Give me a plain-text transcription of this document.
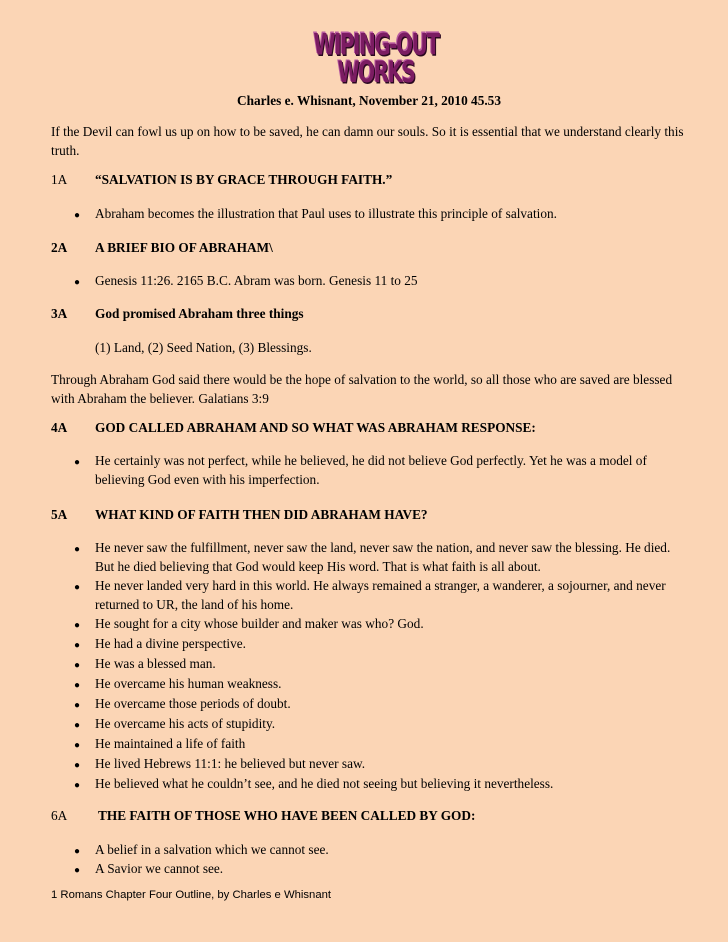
WIPING-OUT WORKS
Charles e. Whisnant, November 21, 2010 45.53
If the Devil can fowl us up on how to be saved, he can damn our souls. So it is essential that we understand clearly this truth.
1A	“SALVATION IS BY GRACE THROUGH FAITH.”
●	Abraham becomes the illustration that Paul uses to illustrate this principle of salvation.
2A	A BRIEF BIO OF ABRAHAM\
●	Genesis 11:26. 2165 B.C. Abram was born. Genesis 11 to 25
3A	God promised Abraham three things
(1) Land, (2) Seed Nation, (3) Blessings.
Through Abraham God said there would be the hope of salvation to the world, so all those who are saved are blessed with Abraham the believer. Galatians 3:9
4A	GOD CALLED ABRAHAM AND SO WHAT WAS ABRAHAM RESPONSE:
●	He certainly was not perfect, while he believed, he did not believe God perfectly. Yet he was a model of believing God even with his imperfection.
5A	WHAT KIND OF FAITH THEN DID ABRAHAM HAVE?
●	He never saw the fulfillment, never saw the land, never saw the nation, and never saw the blessing. He died. But he died believing that God would keep His word. That is what faith is all about.
●	He never landed very hard in this world. He always remained a stranger, a wanderer, a sojourner, and never returned to UR, the land of his home.
●	He sought for a city whose builder and maker was who? God.
●	He had a divine perspective.
●	He was a blessed man.
●	He overcame his human weakness.
●	He overcame those periods of doubt.
●	He overcame his acts of stupidity.
●	He maintained a life of faith
●	He lived Hebrews 11:1: he believed but never saw.
●	He believed what he couldn’t see, and he died not seeing but believing it nevertheless.
6A	THE FAITH OF THOSE WHO HAVE BEEN CALLED BY GOD:
●	A belief in a salvation which we cannot see.
●	A Savior we cannot see.
1 Romans Chapter Four Outline, by Charles e Whisnant
